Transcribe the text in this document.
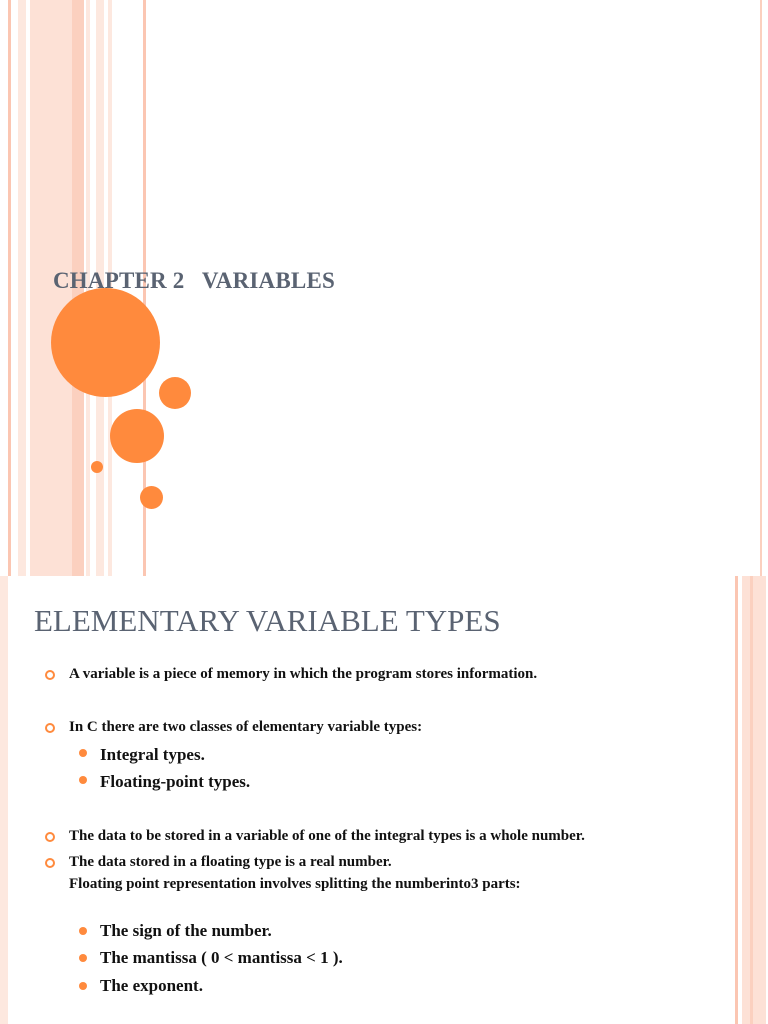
CHAPTER 2   VARIABLES
ELEMENTARY VARIABLE TYPES
A variable is a piece of memory in which the program stores information.
In C there are two classes of elementary variable types:
Integral types.
Floating-point types.
The data to be stored in a variable of one of the integral types is a whole number.
The data stored in a floating type is a real number.
Floating point representation involves splitting the numberinto3 parts:
The sign of the number.
The mantissa ( 0 < mantissa < 1 ).
The exponent.
